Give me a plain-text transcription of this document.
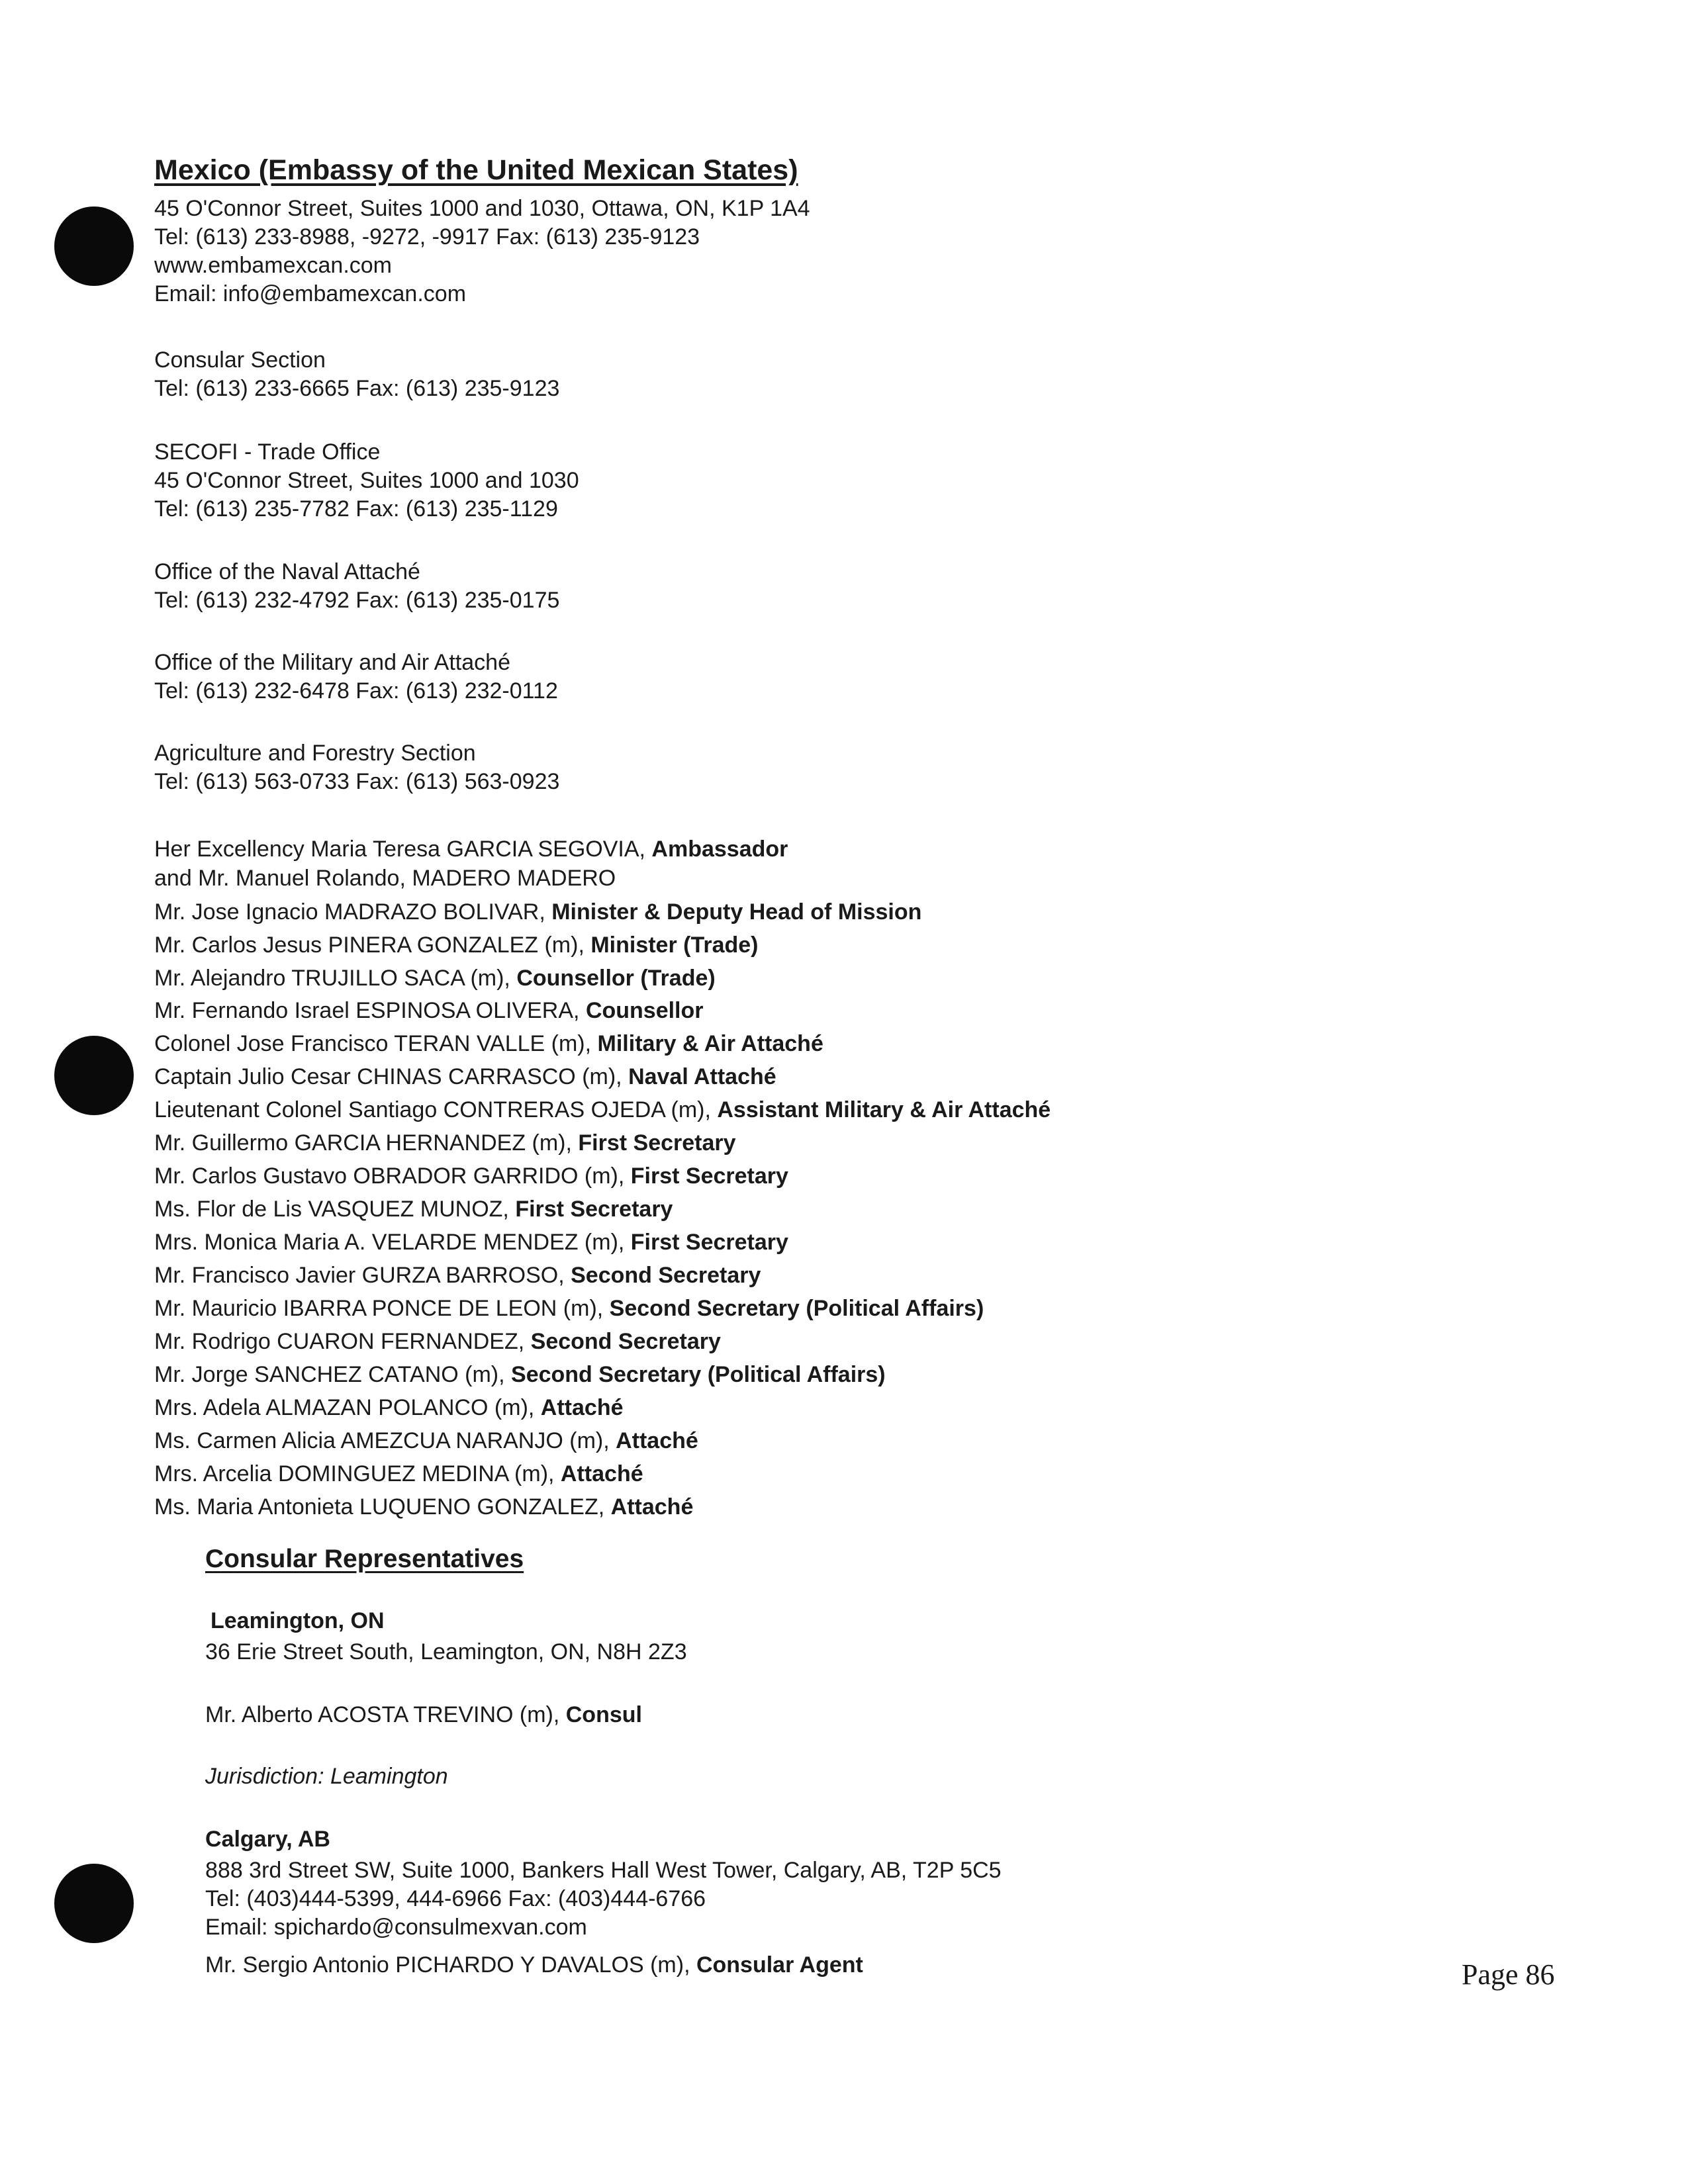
Mexico (Embassy of the United Mexican States)
45 O'Connor Street, Suites 1000 and 1030, Ottawa, ON, K1P 1A4
Tel: (613) 233-8988, -9272, -9917 Fax: (613) 235-9123
www.embamexcan.com
Email: info@embamexcan.com
Consular Section
Tel: (613) 233-6665 Fax: (613) 235-9123
SECOFI - Trade Office
45 O'Connor Street, Suites 1000 and 1030
Tel: (613) 235-7782 Fax: (613) 235-1129
Office of the Naval Attaché
Tel: (613) 232-4792 Fax: (613) 235-0175
Office of the Military and Air Attaché
Tel: (613) 232-6478 Fax: (613) 232-0112
Agriculture and Forestry Section
Tel: (613) 563-0733 Fax: (613) 563-0923
Her Excellency Maria Teresa GARCIA SEGOVIA, Ambassador
and Mr. Manuel Rolando, MADERO MADERO
Mr. Jose Ignacio MADRAZO BOLIVAR, Minister & Deputy Head of Mission
Mr. Carlos Jesus PINERA GONZALEZ (m), Minister (Trade)
Mr. Alejandro TRUJILLO SACA (m), Counsellor (Trade)
Mr. Fernando Israel ESPINOSA OLIVERA, Counsellor
Colonel Jose Francisco TERAN VALLE (m), Military & Air Attaché
Captain Julio Cesar CHINAS CARRASCO (m), Naval Attaché
Lieutenant Colonel Santiago CONTRERAS OJEDA (m), Assistant Military & Air Attaché
Mr. Guillermo GARCIA HERNANDEZ (m), First Secretary
Mr. Carlos Gustavo OBRADOR GARRIDO (m), First Secretary
Ms. Flor de Lis VASQUEZ MUNOZ, First Secretary
Mrs. Monica Maria A. VELARDE MENDEZ (m), First Secretary
Mr. Francisco Javier GURZA BARROSO, Second Secretary
Mr. Mauricio IBARRA PONCE DE LEON (m), Second Secretary (Political Affairs)
Mr. Rodrigo CUARON FERNANDEZ, Second Secretary
Mr. Jorge SANCHEZ CATANO (m), Second Secretary (Political Affairs)
Mrs. Adela ALMAZAN POLANCO (m), Attaché
Ms. Carmen Alicia AMEZCUA NARANJO (m), Attaché
Mrs. Arcelia DOMINGUEZ MEDINA (m), Attaché
Ms. Maria Antonieta LUQUENO GONZALEZ, Attaché
Consular Representatives
Leamington, ON
36 Erie Street South, Leamington, ON, N8H 2Z3
Mr. Alberto ACOSTA TREVINO (m), Consul
Jurisdiction: Leamington
Calgary, AB
888 3rd Street SW, Suite 1000, Bankers Hall West Tower, Calgary, AB, T2P 5C5
Tel: (403)444-5399, 444-6966 Fax: (403)444-6766
Email: spichardo@consulmexvan.com
Mr. Sergio Antonio PICHARDO Y DAVALOS (m), Consular Agent	Page 86
